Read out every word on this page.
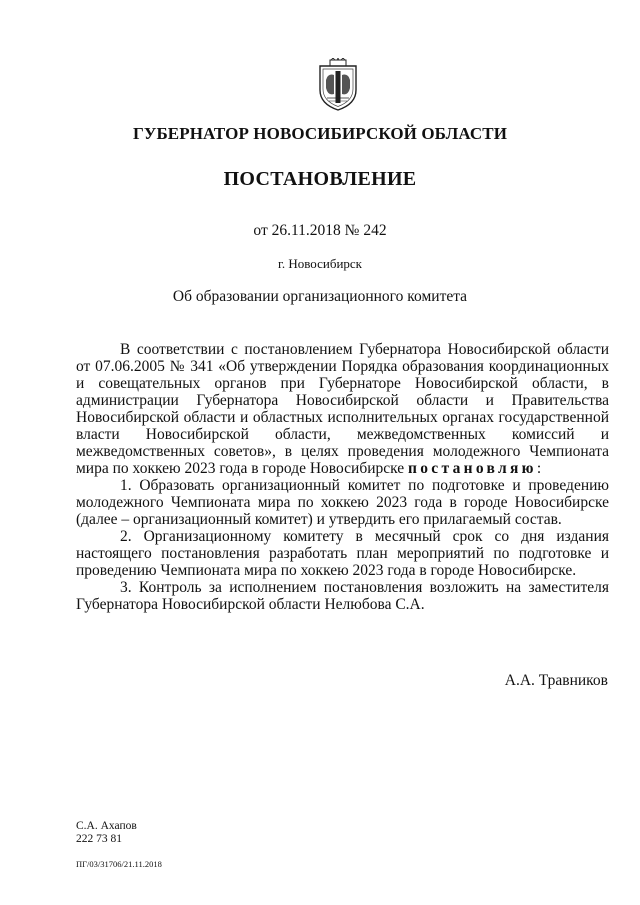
ГУБЕРНАТОР НОВОСИБИРСКОЙ ОБЛАСТИ
ПОСТАНОВЛЕНИЕ
от 26.11.2018 № 242
г. Новосибирск
Об образовании организационного комитета

В соответствии с постановлением Губернатора Новосибирской области от 07.06.2005 № 341 «Об утверждении Порядка образования координационных и совещательных органов при Губернаторе Новосибирской области, в администрации Губернатора Новосибирской области и Правительства Новосибирской области и областных исполнительных органах государственной власти Новосибирской области, межведомственных комиссий и межведомственных советов», в целях проведения молодежного Чемпионата мира по хоккею 2023 года в городе Новосибирске постановляю:

1. Образовать организационный комитет по подготовке и проведению молодежного Чемпионата мира по хоккею 2023 года в городе Новосибирске (далее – организационный комитет) и утвердить его прилагаемый состав.

2. Организационному комитету в месячный срок со дня издания настоящего постановления разработать план мероприятий по подготовке и проведению Чемпионата мира по хоккею 2023 года в городе Новосибирске.

3. Контроль за исполнением постановления возложить на заместителя Губернатора Новосибирской области Нелюбова С.А.

А.А. Травников
С.А. Ахапов
222 73 81
ПГ/03/31706/21.11.2018
